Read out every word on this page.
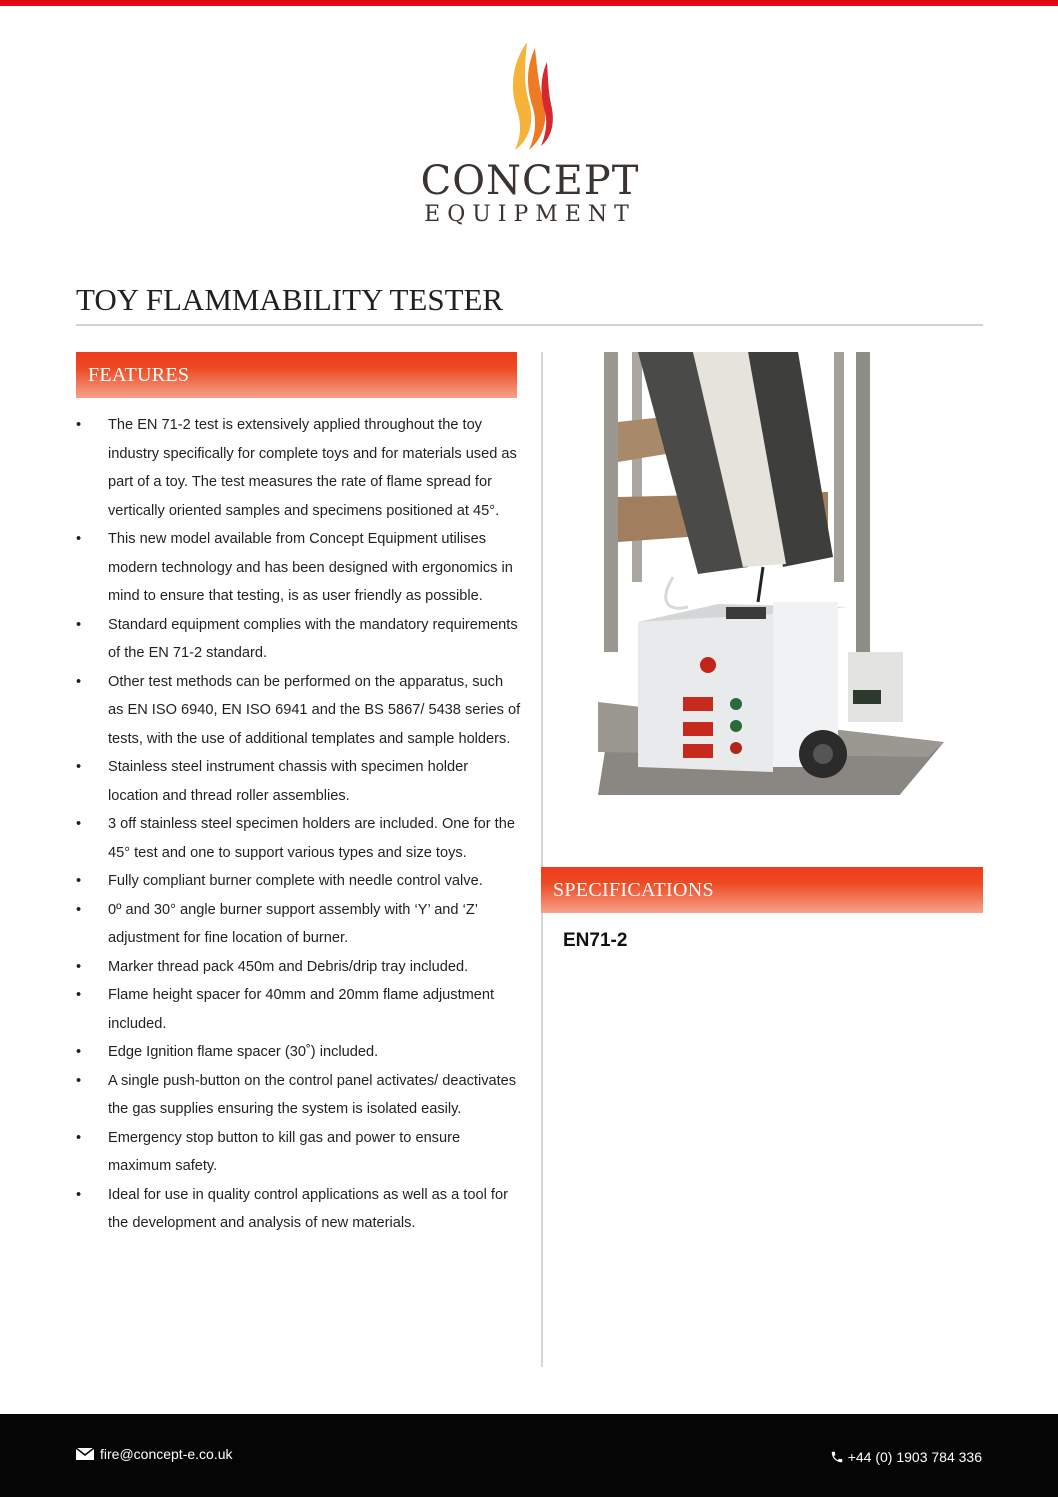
CONCEPT
EQUIPMENT
TOY FLAMMABILITY TESTER
FEATURES
• The EN 71-2 test is extensively applied throughout the toy industry specifically for complete toys and for materials used as part of a toy. The test measures the rate of flame spread for vertically oriented samples and specimens positioned at 45°.
• This new model available from Concept Equipment utilises modern technology and has been designed with ergonomics in mind to ensure that testing, is as user friendly as possible.
• Standard equipment complies with the mandatory requirements of the EN 71-2 standard.
• Other test methods can be performed on the apparatus, such as EN ISO 6940, EN ISO 6941 and the BS 5867/ 5438 series of tests, with the use of additional templates and sample holders.
• Stainless steel instrument chassis with specimen holder location and thread roller assemblies.
• 3 off stainless steel specimen holders are included. One for the 45° test and one to support various types and size toys.
• Fully compliant burner complete with needle control valve.
• 0º and 30° angle burner support assembly with ‘Y’ and ‘Z’ adjustment for fine location of burner.
• Marker thread pack 450m and Debris/drip tray included.
• Flame height spacer for 40mm and 20mm flame adjustment included.
• Edge Ignition flame spacer (30˚) included.
• A single push-button on the control panel activates/ deactivates the gas supplies ensuring the system is isolated easily.
• Emergency stop button to kill gas and power to ensure maximum safety.
• Ideal for use in quality control applications as well as a tool for the development and analysis of new materials.
SPECIFICATIONS
EN71-2
fire@concept-e.co.uk	+44 (0) 1903 784 336
